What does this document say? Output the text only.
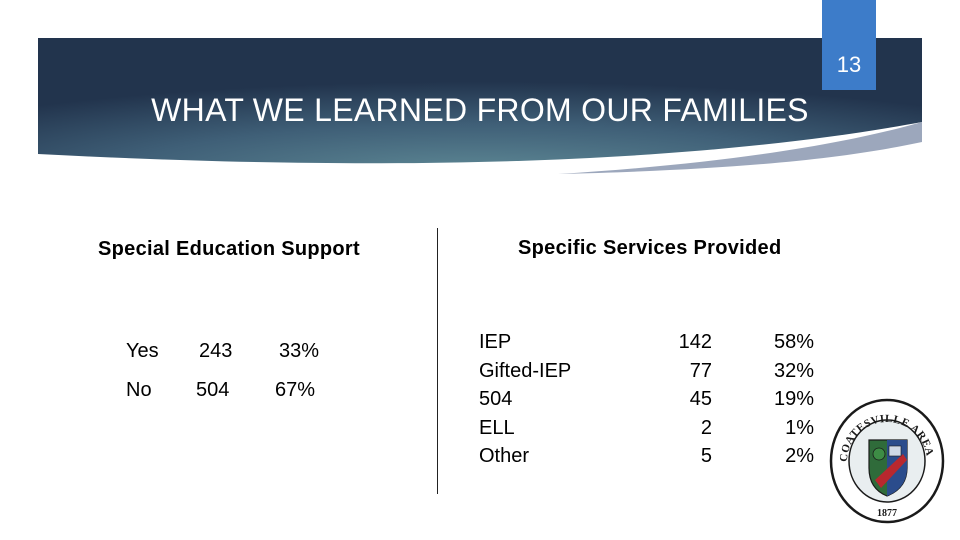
13
WHAT WE LEARNED FROM OUR FAMILIES
Special Education Support
Yes 243 33%
No 504 67%
Specific Services Provided
IEP
Gifted-IEP
504
ELL
Other
142
77
45
2
5
58%
32%
19%
1%
2%	COATESVILLE AREA
1877
